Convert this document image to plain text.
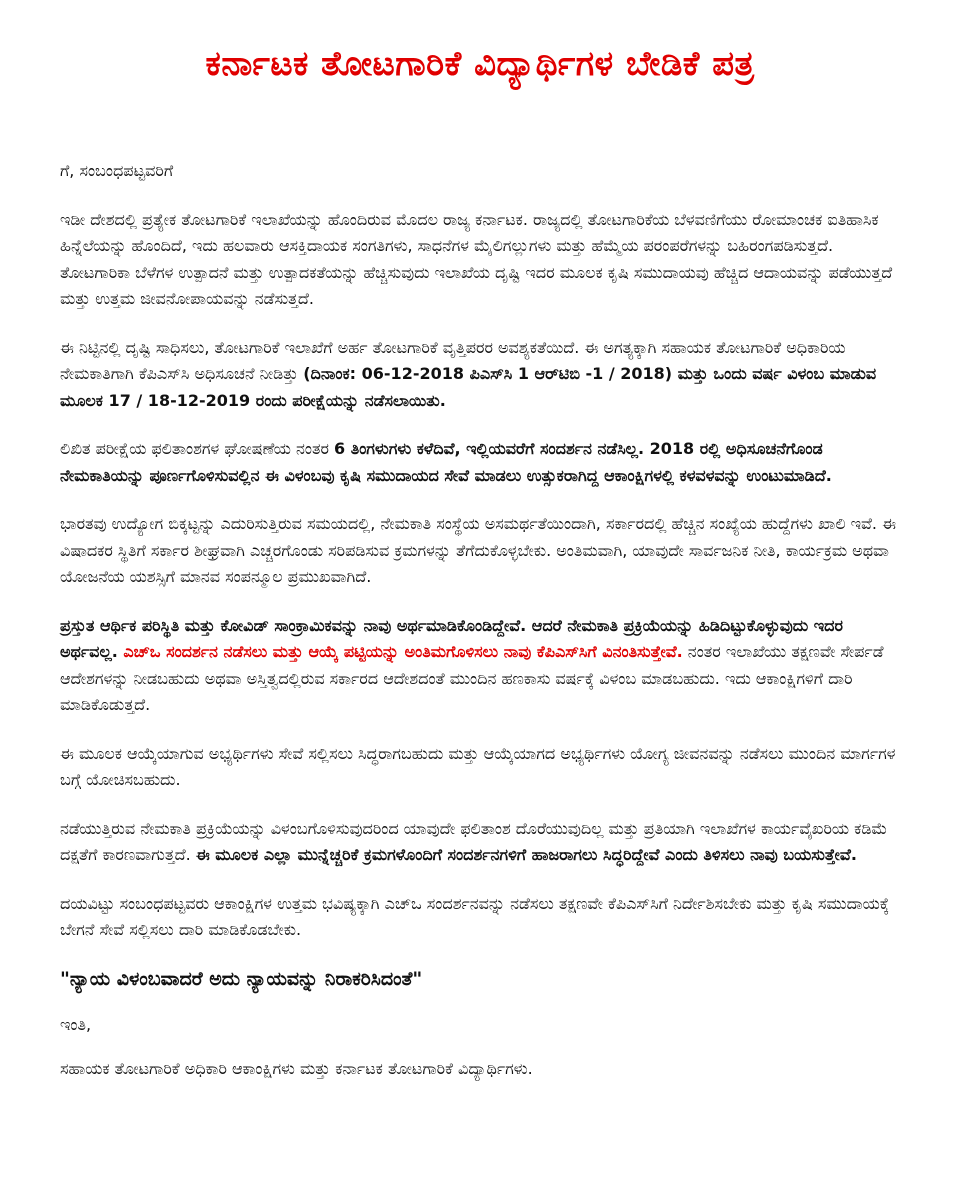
ಕರ್ನಾಟಕ ತೋಟಗಾರಿಕೆ ವಿದ್ಯಾರ್ಥಿಗಳ ಬೇಡಿಕೆ ಪತ್ರ

ಗೆ, ಸಂಬಂಧಪಟ್ಟವರಿಗೆ

ಇಡೀ ದೇಶದಲ್ಲಿ ಪ್ರತ್ಯೇಕ ತೋಟಗಾರಿಕೆ ಇಲಾಖೆಯನ್ನು ಹೊಂದಿರುವ ಮೊದಲ ರಾಜ್ಯ ಕರ್ನಾಟಕ. ರಾಜ್ಯದಲ್ಲಿ ತೋಟಗಾರಿಕೆಯ ಬೆಳವಣಿಗೆಯು ರೋಮಾಂಚಕ ಐತಿಹಾಸಿಕ ಹಿನ್ನೆಲೆಯನ್ನು ಹೊಂದಿದೆ, ಇದು ಹಲವಾರು ಆಸಕ್ತಿದಾಯಕ ಸಂಗತಿಗಳು, ಸಾಧನೆಗಳ ಮೈಲಿಗಲ್ಲುಗಳು ಮತ್ತು ಹೆಮ್ಮೆಯ ಪರಂಪರೆಗಳನ್ನು ಬಹಿರಂಗಪಡಿಸುತ್ತದೆ. ತೋಟಗಾರಿಕಾ ಬೆಳೆಗಳ ಉತ್ಪಾದನೆ ಮತ್ತು ಉತ್ಪಾದಕತೆಯನ್ನು ಹೆಚ್ಚಿಸುವುದು ಇಲಾಖೆಯ ದೃಷ್ಟಿ ಇದರ ಮೂಲಕ ಕೃಷಿ ಸಮುದಾಯವು ಹೆಚ್ಚಿದ ಆದಾಯವನ್ನು ಪಡೆಯುತ್ತದೆ ಮತ್ತು ಉತ್ತಮ ಜೀವನೋಪಾಯವನ್ನು ನಡೆಸುತ್ತದೆ.

ಈ ನಿಟ್ಟಿನಲ್ಲಿ ದೃಷ್ಟಿ ಸಾಧಿಸಲು, ತೋಟಗಾರಿಕೆ ಇಲಾಖೆಗೆ ಅರ್ಹ ತೋಟಗಾರಿಕೆ ವೃತ್ತಿಪರರ ಅವಶ್ಯಕತೆಯಿದೆ. ಈ ಅಗತ್ಯಕ್ಕಾಗಿ ಸಹಾಯಕ ತೋಟಗಾರಿಕೆ ಅಧಿಕಾರಿಯ ನೇಮಕಾತಿಗಾಗಿ ಕೆಪಿಎಸ್‌ಸಿ ಅಧಿಸೂಚನೆ ನೀಡಿತ್ತು (ದಿನಾಂಕ: 06-12-2018 ಪಿಎಸ್‌ಸಿ 1 ಆರ್‌ಟಿಬಿ -1 / 2018) ಮತ್ತು ಒಂದು ವರ್ಷ ವಿಳಂಬ ಮಾಡುವ ಮೂಲಕ 17 / 18-12-2019 ರಂದು ಪರೀಕ್ಷೆಯನ್ನು ನಡೆಸಲಾಯಿತು.

ಲಿಖಿತ ಪರೀಕ್ಷೆಯ ಫಲಿತಾಂಶಗಳ ಘೋಷಣೆಯ ನಂತರ 6 ತಿಂಗಳುಗಳು ಕಳೆದಿವೆ, ಇಲ್ಲಿಯವರೆಗೆ ಸಂದರ್ಶನ ನಡೆಸಿಲ್ಲ. 2018 ರಲ್ಲಿ ಅಧಿಸೂಚನೆಗೊಂಡ ನೇಮಕಾತಿಯನ್ನು ಪೂರ್ಣಗೊಳಿಸುವಲ್ಲಿನ ಈ ವಿಳಂಬವು ಕೃಷಿ ಸಮುದಾಯದ ಸೇವೆ ಮಾಡಲು ಉತ್ಸುಕರಾಗಿದ್ದ ಆಕಾಂಕ್ಷಿಗಳಲ್ಲಿ ಕಳವಳವನ್ನು ಉಂಟುಮಾಡಿದೆ.

ಭಾರತವು ಉದ್ಯೋಗ ಬಿಕ್ಕಟ್ಟನ್ನು ಎದುರಿಸುತ್ತಿರುವ ಸಮಯದಲ್ಲಿ, ನೇಮಕಾತಿ ಸಂಸ್ಥೆಯ ಅಸಮರ್ಥತೆಯಿಂದಾಗಿ, ಸರ್ಕಾರದಲ್ಲಿ ಹೆಚ್ಚಿನ ಸಂಖ್ಯೆಯ ಹುದ್ದೆಗಳು ಖಾಲಿ ಇವೆ. ಈ ವಿಷಾದಕರ ಸ್ಥಿತಿಗೆ ಸರ್ಕಾರ ಶೀಘ್ರವಾಗಿ ಎಚ್ಚರಗೊಂಡು ಸರಿಪಡಿಸುವ ಕ್ರಮಗಳನ್ನು ತೆಗೆದುಕೊಳ್ಳಬೇಕು. ಅಂತಿಮವಾಗಿ, ಯಾವುದೇ ಸಾರ್ವಜನಿಕ ನೀತಿ, ಕಾರ್ಯಕ್ರಮ ಅಥವಾ ಯೋಜನೆಯ ಯಶಸ್ಸಿಗೆ ಮಾನವ ಸಂಪನ್ಮೂಲ ಪ್ರಮುಖವಾಗಿದೆ.

ಪ್ರಸ್ತುತ ಆರ್ಥಿಕ ಪರಿಸ್ಥಿತಿ ಮತ್ತು ಕೋವಿಡ್ ಸಾಂಕ್ರಾಮಿಕವನ್ನು ನಾವು ಅರ್ಥಮಾಡಿಕೊಂಡಿದ್ದೇವೆ. ಆದರೆ ನೇಮಕಾತಿ ಪ್ರಕ್ರಿಯೆಯನ್ನು ಹಿಡಿದಿಟ್ಟುಕೊಳ್ಳುವುದು ಇದರ ಅರ್ಥವಲ್ಲ. ಎಚ್‌ಒ ಸಂದರ್ಶನ ನಡೆಸಲು ಮತ್ತು ಆಯ್ಕೆ ಪಟ್ಟಿಯನ್ನು ಅಂತಿಮಗೊಳಿಸಲು ನಾವು ಕೆಪಿಎಸ್‌ಸಿಗೆ ವಿನಂತಿಸುತ್ತೇವೆ. ನಂತರ ಇಲಾಖೆಯು ತಕ್ಷಣವೇ ಸೇರ್ಪಡೆ ಆದೇಶಗಳನ್ನು ನೀಡಬಹುದು ಅಥವಾ ಅಸ್ತಿತ್ವದಲ್ಲಿರುವ ಸರ್ಕಾರದ ಆದೇಶದಂತೆ ಮುಂದಿನ ಹಣಕಾಸು ವರ್ಷಕ್ಕೆ ವಿಳಂಬ ಮಾಡಬಹುದು. ಇದು ಆಕಾಂಕ್ಷಿಗಳಿಗೆ ದಾರಿ ಮಾಡಿಕೊಡುತ್ತದೆ.

ಈ ಮೂಲಕ ಆಯ್ಕೆಯಾಗುವ ಅಭ್ಯರ್ಥಿಗಳು ಸೇವೆ ಸಲ್ಲಿಸಲು ಸಿದ್ಧರಾಗಬಹುದು ಮತ್ತು ಆಯ್ಕೆಯಾಗದ ಅಭ್ಯರ್ಥಿಗಳು ಯೋಗ್ಯ ಜೀವನವನ್ನು ನಡೆಸಲು ಮುಂದಿನ ಮಾರ್ಗಗಳ ಬಗ್ಗೆ ಯೋಚಿಸಬಹುದು.

ನಡೆಯುತ್ತಿರುವ ನೇಮಕಾತಿ ಪ್ರಕ್ರಿಯೆಯನ್ನು ವಿಳಂಬಗೊಳಿಸುವುದರಿಂದ ಯಾವುದೇ ಫಲಿತಾಂಶ ದೊರೆಯುವುದಿಲ್ಲ ಮತ್ತು ಪ್ರತಿಯಾಗಿ ಇಲಾಖೆಗಳ ಕಾರ್ಯವೈಖರಿಯ ಕಡಿಮೆ ದಕ್ಷತೆಗೆ ಕಾರಣವಾಗುತ್ತದೆ. ಈ ಮೂಲಕ ಎಲ್ಲಾ ಮುನ್ನೆಚ್ಚರಿಕೆ ಕ್ರಮಗಳೊಂದಿಗೆ ಸಂದರ್ಶನಗಳಿಗೆ ಹಾಜರಾಗಲು ಸಿದ್ಧರಿದ್ದೇವೆ ಎಂದು ತಿಳಿಸಲು ನಾವು ಬಯಸುತ್ತೇವೆ.

ದಯವಿಟ್ಟು ಸಂಬಂಧಪಟ್ಟವರು ಆಕಾಂಕ್ಷಿಗಳ ಉತ್ತಮ ಭವಿಷ್ಯಕ್ಕಾಗಿ ಎಚ್‌ಒ ಸಂದರ್ಶನವನ್ನು ನಡೆಸಲು ತಕ್ಷಣವೇ ಕೆಪಿಎಸ್‌ಸಿಗೆ ನಿರ್ದೇಶಿಸಬೇಕು ಮತ್ತು ಕೃಷಿ ಸಮುದಾಯಕ್ಕೆ ಬೇಗನೆ ಸೇವೆ ಸಲ್ಲಿಸಲು ದಾರಿ ಮಾಡಿಕೊಡಬೇಕು.

"ನ್ಯಾಯ ವಿಳಂಬವಾದರೆ ಅದು ನ್ಯಾಯವನ್ನು ನಿರಾಕರಿಸಿದಂತೆ"

ಇಂತಿ,

ಸಹಾಯಕ ತೋಟಗಾರಿಕೆ ಅಧಿಕಾರಿ ಆಕಾಂಕ್ಷಿಗಳು ಮತ್ತು ಕರ್ನಾಟಕ ತೋಟಗಾರಿಕೆ ವಿದ್ಯಾರ್ಥಿಗಳು.
